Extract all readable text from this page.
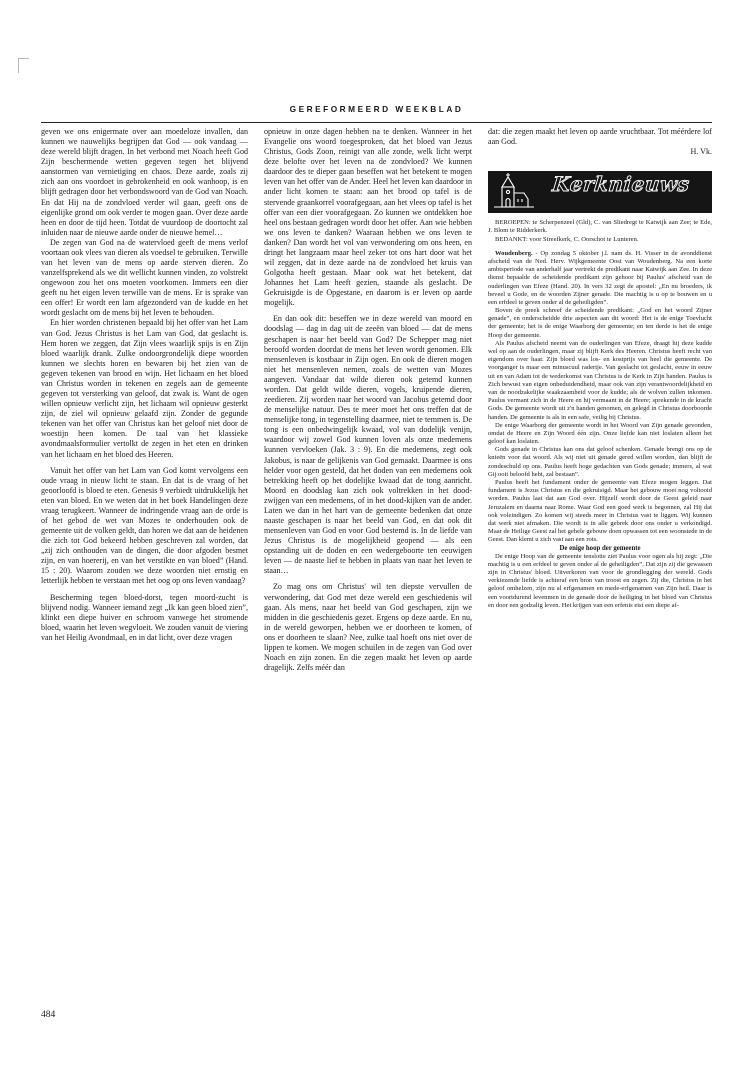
GEREFORMEERD WEEKBLAD

geven we ons enigermate over aan moedeloze invallen, dan kunnen we nauwelijks begrijpen dat God — ook vandaag — deze wereld blijft dragen. In het verbond met Noach heeft God Zijn beschermende wetten gegeven tegen het blijvend aanstormen van vernietiging en chaos. Deze aarde, zoals zij zich aan ons voordoet in gebrokenheid en ook wanhoop, is en blijft gedragen door het verbondswoord van de God van Noach. En dat Hij na de zondvloed verder wil gaan, geeft ons de eigenlijke grond om ook verder te mogen gaan. Over deze aarde heen en door de tijd heen. Totdat de vuurdoop de doortocht zal inluiden naar de nieuwe aarde onder de nieuwe hemel…

De zegen van God na de watervloed geeft de mens verlof voortaan ook vlees van dieren als voedsel te gebruiken. Terwille van het leven van de mens op aarde sterven dieren. Zo vanzelfsprekend als we dit wellicht kunnen vinden, zo volstrekt ongewoon zou het ons moeten voorkomen. Immers een dier geeft nu het eigen leven terwille van de mens. Er is sprake van een offer! Er wordt een lam afgezonderd van de kudde en het wordt geslacht om de mens bij het leven te behouden.

En hier worden christenen bepaald bij het offer van het Lam van God. Jezus Christus is het Lam van God, dat geslacht is. Hem horen we zeggen, dat Zijn vlees waarlijk spijs is en Zijn bloed waarlijk drank. Zulke ondoorgrondelijk diepe woorden kunnen we slechts horen en bewaren bij het zien van de gegeven tekenen van brood en wijn. Het lichaam en het bloed van Christus worden in tekenen en zegels aan de gemeente gegeven tot versterking van geloof, dat zwak is. Want de ogen willen opnieuw verlicht zijn, het lichaam wil opnieuw gesterkt zijn, de ziel wil opnieuw gelaafd zijn. Zonder de gegunde tekenen van het offer van Christus kan het geloof niet door de woestijn heen komen. De taal van het klassieke avondmaalsformulier vertolkt de zegen in het eten en drinken van het lichaam en het bloed des Heeren.

Vanuit het offer van het Lam van God komt vervolgens een oude vraag in nieuw licht te staan. En dat is de vraag of het geoorloofd is bloed te eten. Genesis 9 verbiedt uitdrukkelijk het eten van bloed. En we weten dat in het boek Handelingen deze vraag terugkeert. Wanneer de indringende vraag aan de orde is of het gebod de wet van Mozes te onderhouden ook de gemeente uit de volken geldt, dan horen we dat aan de heidenen die zich tot God bekeerd hebben geschreven zal worden, dat „zij zich onthouden van de dingen, die door afgoden besmet zijn, en van hoererij, en van het verstikte en van bloed” (Hand. 15 : 20). Waarom zouden we deze woorden niet ernstig en letterlijk hebben te verstaan met het oog op ons leven vandaag?

Bescherming tegen bloed-dorst, tegen moord-zucht is blijvend nodig. Wanneer iemand zegt „Ik kan geen bloed zien”, klinkt een diepe huiver en schroom vanwege het stromende bloed, waarin het leven wegvloeit. We zouden vanuit de viering van het Heilig Avondmaal, en in dat licht, over deze vragen

opnieuw in onze dagen hebben na te denken. Wanneer in het Evangelie ons woord toegesproken, dat het bloed van Jezus Christus, Gods Zoon, reinigt van alle zonde, welk licht werpt deze belofte over het leven na de zondvloed? We kunnen daardoor des te dieper gaan beseffen wat het betekent te mogen leven van het offer van de Ander. Heel het leven kan daardoor in ander licht komen te staan: aan het brood op tafel is de stervende graankorrel voorafgegaan, aan het vlees op tafel is het offer van een dier voorafgegaan. Zo kunnen we ontdekken hoe heel ons bestaan gedragen wordt door het offer. Aan wie hebben we ons leven te danken? Waaraan hebben we ons leven te danken? Dan wordt het vol van verwondering om ons heen, en dringt het langzaam maar heel zeker tot ons hart door wat het wil zeggen, dat in deze aarde na de zondvloed het kruis van Golgotha heeft gestaan. Maar ook wat het betekent, dat Johannes het Lam heeft gezien, staande als geslacht. De Gekruisigde is de Opgestane, en daarom is er leven op aarde mogelijk.

En dan ook dit: beseffen we in deze wereld van moord en doodslag — dag in dag uit de zeeën van bloed — dat de mens geschapen is naar het beeld van God? De Schepper mag niet beroofd worden doordat de mens het leven wordt genomen. Elk mensenleven is kostbaar in Zijn ogen. En ook de dieren mogen niet het mensenleven nemen, zoals de wetten van Mozes aangeven. Vandaar dat wilde dieren ook getemd kunnen worden. Dat geldt wilde dieren, vogels, kruipende dieren, zeedieren. Zij worden naar het woord van Jacobus getemd door de menselijke natuur. Des te meer moet het ons treffen dat de menselijke tong, in tegenstelling daarmee, niet te temmen is. De tong is een onbedwingelijk kwaad, vol van dodelijk venijn, waardoor wij zowel God kunnen loven als onze medemens kunnen vervloeken (Jak. 3 : 9). En die medemens, zegt ook Jakobus, is naar de gelijkenis van God gemaakt. Daarmee is ons helder voor ogen gesteld, dat het doden van een medemens ook betrekking heeft op het dodelijke kwaad dat de tong aanricht. Moord en doodslag kan zich ook voltrekken in het dood-zwijgen van een medemens, of in het dood-kijken van de ander. Laten we dan in het hart van de gemeente bedenken dat onze naaste geschapen is naar het beeld van God, en dat ook dit mensenleven van God en voor God bestemd is. In de liefde van Jezus Christus is de mogelijkheid geopend — als een opstanding uit de doden en een wedergeboorte ten eeuwigen leven — de naaste lief te hebben in plaats van naar het leven te staan…

Zo mag ons om Christus' wil ten diepste vervullen de verwondering, dat God met deze wereld een geschiedenis wil gaan. Als mens, naar het beeld van God geschapen, zijn we midden in die geschiedenis gezet. Ergens op deze aarde. En nu, in de wereld geworpen, hebben we er doorheen te komen, of ons er doorheen te slaan? Nee, zulke taal hoeft ons niet over de lippen te komen. We mogen schuilen in de zegen van God over Noach en zijn zonen. En die zegen maakt het leven op aarde dragelijk. Zelfs méér dan

dat: die zegen maakt het leven op aarde vruchtbaar. Tot méérdere lof aan God.

H. Vk.

Kerknieuws

BEROEPEN: te Scherpenzeel (Gld), C. van Sliedregt te Katwijk aan Zee; te Ede, J. Blom te Ridderkerk.

BEDANKT: voor Streefkerk, C. Oorschot te Lunteren.

Woudenberg. - Op zondag 5 oktober j.l. nam ds. H. Visser in de avonddienst afscheid van de Ned. Herv. Wijkgemeente Oost van Woudenberg. Na een korte ambtsperiode van anderhalf jaar vertrekt de predikant naar Katwijk aan Zee. In deze dienst bepaalde de scheidende predikant zijn gehoor bij Paulus' afscheid van de ouderlingen van Efeze (Hand. 20). In vers 32 zegt de apostel: „En nu broeders, ik beveel u Gode, en de woorden Zijner genade. Die machtig is u op te bouwen en u een erfdeel te geven onder al de geheiligden”.

Boven de preek schreef de scheidende predikant: „God en het woord Zijner genade”, en onderscheidde drie aspecten aan dit woord: Het is de enige Toevlucht der gemeente; het is de enige Waarborg der gemeente; en ten derde is het de enige Hoop der gemeente.

Als Paulus afscheid neemt van de ouderlingen van Efeze, draagt hij deze kudde wel op aan de ouderlingen, maar zij blijft Kerk des Heeren. Christus heeft recht van eigendom over haar. Zijn bloed was los- en kostprijs van heel die gemeente. De voorganger is maar een minuscuul radertje. Van geslacht tot geslacht, eeuw in eeuw uit en van Adam tot de wederkomst van Christus is de Kerk in Zijn handen. Paulus is Zich bewust van eigen onbeduidendheid, maar ook van zijn verantwoordelijkheid en van de noodzakelijke waakzaamheid voor de kudde; als de wolven zullen inkomen. Paulus vermant zich in de Heere en hij vermaant in de Heere; sprekende in de kracht Gods. De gemeente wordt uit z'n handen genomen, en gelegd in Christus doorboorde handen. De gemeente is als in een safe, veilig bij Christus.

De enige Waarborg der gemeente wordt in het Woord van Zijn genade gevonden, omdat de Heere en Zijn Woord één zijn. Onze liefde kan niet loslaten alleen het geloof kan loslaten.

Gods genade in Christus kan ons dat geloof schenken. Genade brengt ons op de knieën voor dat woord. Als wij niet uit genade gered willen worden, dan blijft de zondeschuld op ons. Paulus heeft hoge gedachten van Gods genade; immers, al wat Gij ooit beloofd hebt, zal bestaan”.

Paulus heeft het fundament onder de gemeente van Efeze mogen leggen. Dat fundament is Jezus Christus en die gekruisigd. Maar het gebouw moet nog voltooid worden. Paulus laat dat aan God over. Hijzelf wordt door de Geest geleid naar Jeruzalem en daarna naar Rome. Waar God een goed werk is begonnen, zal Hij dat ook voleindigen. Zo komen wij steeds meer in Christus vast te liggen. Wij kunnen dat werk niet afmaken. Die wordt is in alle gebrek door ons onder u verkondigd. Maar de Heilige Geest zal het gehele gebouw doen opwassen tot een woonstede in de Geest. Dan klemt u zich vast aan een rots.

De enige hoop der gemeente

De enige Hoop van de gemeente tenslotte ziet Paulus voor ogen als hij zegt: „Die machtig is u een erfdeel te geven onder al de geheiligden”. Dat zijn zij die gewassen zijn in Christus' bloed. Uitverkoren van voor de grondlegging der wereld. Gods verkiezende liefde is achteraf een bron van troost en zegen. Zij die, Christus in het geloof omhelzen, zijn nu al erfgenamen en mede-erfgenamen van Zijn heil. Daar is een voortdurend levenmen in de genade door de heiliging in het bloed van Christus en door een godzalig leven. Het krijgen van een erfenis eist een diepe af-

484
